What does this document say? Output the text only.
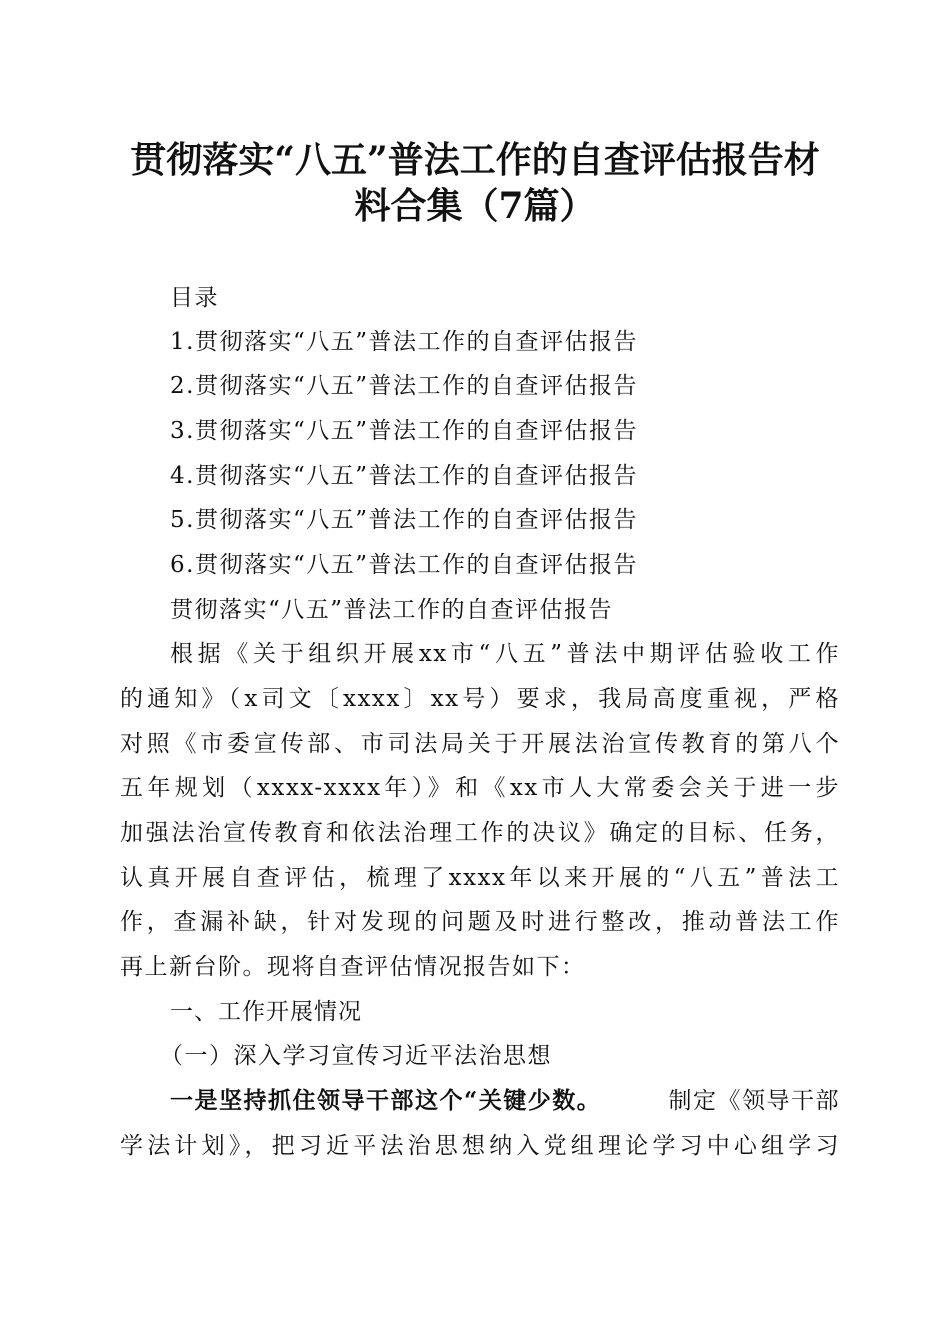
贯彻落实“八五”普法工作的自查评估报告材
料合集（7篇）
目录
1.贯彻落实“八五”普法工作的自查评估报告
2.贯彻落实“八五”普法工作的自查评估报告
3.贯彻落实“八五”普法工作的自查评估报告
4.贯彻落实“八五”普法工作的自查评估报告
5.贯彻落实“八五”普法工作的自查评估报告
6.贯彻落实“八五”普法工作的自查评估报告
贯彻落实“八五”普法工作的自查评估报告
根据《关于组织开展xx市“八五”普法中期评估验收工作
的通知》（x司文〔xxxx〕xx号）要求，我局高度重视，严格
对照《市委宣传部、市司法局关于开展法治宣传教育的第八个
五年规划（xxxx-xxxx年）》和《xx市人大常委会关于进一步
加强法治宣传教育和依法治理工作的决议》确定的目标、任务，
认真开展自查评估，梳理了xxxx年以来开展的“八五”普法工
作，查漏补缺，针对发现的问题及时进行整改，推动普法工作
再上新台阶。现将自查评估情况报告如下：
一、工作开展情况
（一）深入学习宣传习近平法治思想
一是坚持抓住领导干部这个“关键少数。	制定《领导干部
学法计划》，把习近平法治思想纳入党组理论学习中心组学习
